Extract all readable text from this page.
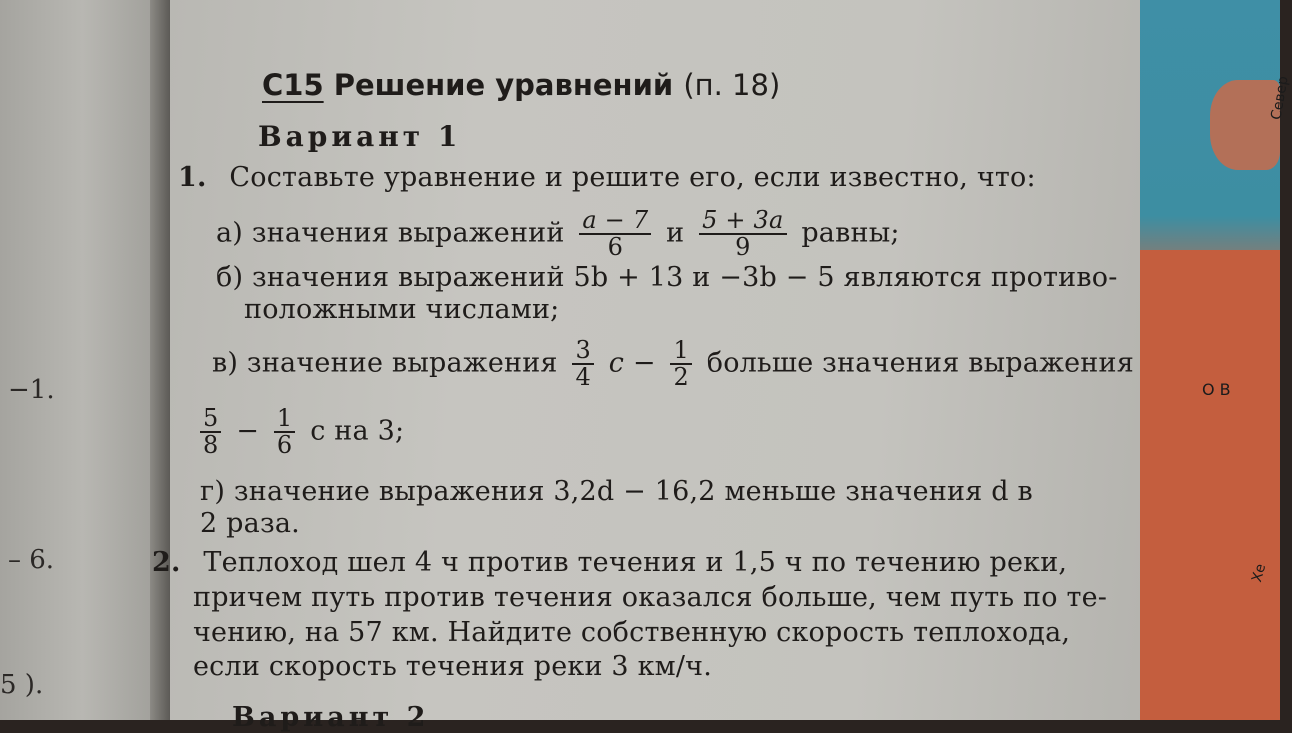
О В
Север
Хе
−1.
– 6.
5 ).
C15 Решение уравнений (п. 18)
Вариант 1
1. Составьте уравнение и решите его, если известно, что:
а) значения выражений $\frac{a - 7}{6}$ и $\frac{5 + 3a}{9}$ равны;
б) значения выражений 5b + 13 и −3b − 5 являются противо-
положными числами;
в) значение выражения $\frac{3}{4}$ $c - \frac{1}{2}$ больше значения выражения
$\frac{5}{8} - \frac{1}{6}$ c на 3;
г) значение выражения 3,2d − 16,2 меньше значения d в
2 раза.
2. Теплоход шел 4 ч против течения и 1,5 ч по течению реки,
причем путь против течения оказался больше, чем путь по те-
чению, на 57 км. Найдите собственную скорость теплохода,
если скорость течения реки 3 км/ч.
Вариант 2
